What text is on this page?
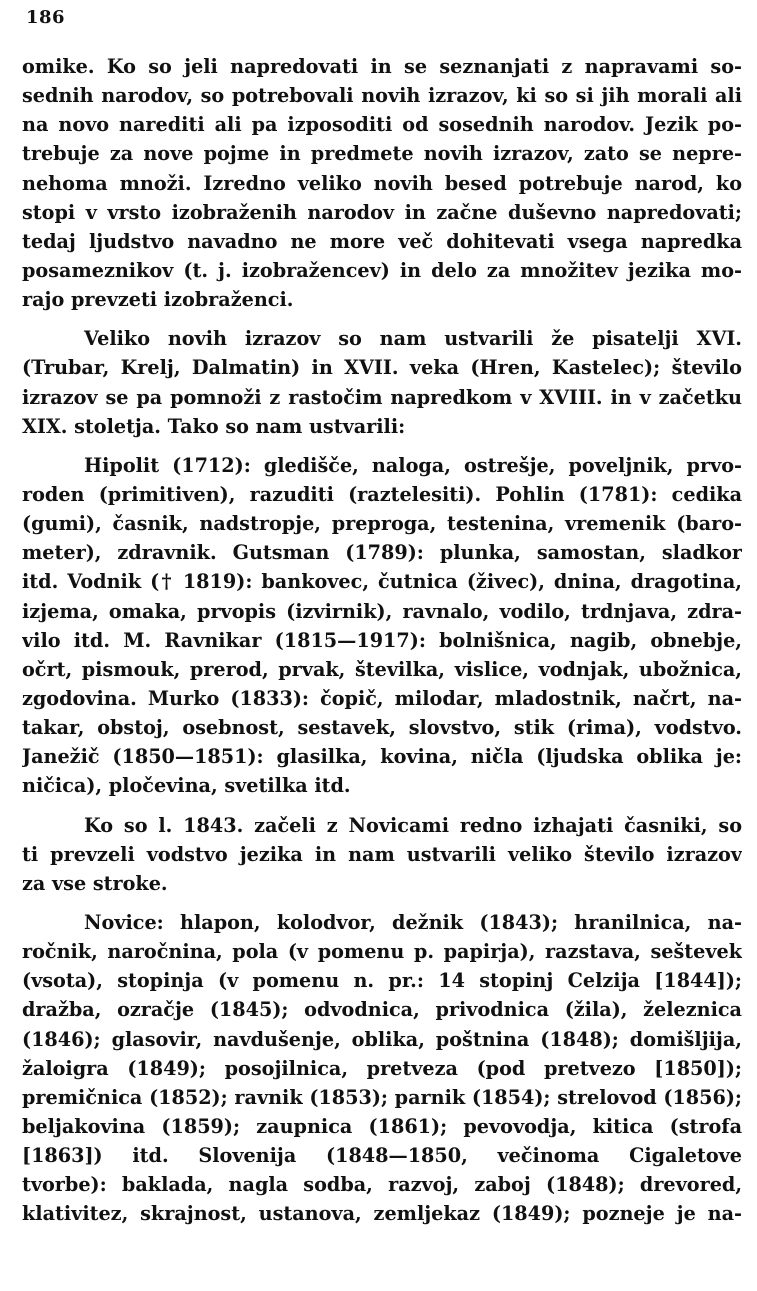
186
omike. Ko so jeli napredovati in se seznanjati z napravami so-
sednih narodov, so potrebovali novih izrazov, ki so si jih morali ali
na novo narediti ali pa izposoditi od sosednih narodov. Jezik po-
trebuje za nove pojme in predmete novih izrazov, zato se nepre-
nehoma množi. Izredno veliko novih besed potrebuje narod, ko
stopi v vrsto izobraženih narodov in začne duševno napredovati;
tedaj ljudstvo navadno ne more več dohitevati vsega napredka
posameznikov (t. j. izobražencev) in delo za množitev jezika mo-
rajo prevzeti izobraženci.
Veliko novih izrazov so nam ustvarili že pisatelji XVI.
(Trubar, Krelj, Dalmatin) in XVII. veka (Hren, Kastelec); število
izrazov se pa pomnoži z rastočim napredkom v XVIII. in v začetku
XIX. stoletja. Tako so nam ustvarili:
Hipolit (1712): gledišče, naloga, ostrešje, poveljnik, prvo-
roden (primitiven), razuditi (raztelesiti). Pohlin (1781): cedika
(gumi), časnik, nadstropje, preproga, testenina, vremenik (baro-
meter), zdravnik. Gutsman (1789): plunka, samostan, sladkor
itd. Vodnik († 1819): bankovec, čutnica (živec), dnina, dragotina,
izjema, omaka, prvopis (izvirnik), ravnalo, vodilo, trdnjava, zdra-
vilo itd. M. Ravnikar (1815—1917): bolnišnica, nagib, obnebje,
očrt, pismouk, prerod, prvak, številka, vislice, vodnjak, ubožnica,
zgodovina. Murko (1833): čopič, milodar, mladostnik, načrt, na-
takar, obstoj, osebnost, sestavek, slovstvo, stik (rima), vodstvo.
Janežič (1850—1851): glasilka, kovina, ničla (ljudska oblika je:
ničica), pločevina, svetilka itd.
Ko so l. 1843. začeli z Novicami redno izhajati časniki, so
ti prevzeli vodstvo jezika in nam ustvarili veliko število izrazov
za vse stroke.
Novice: hlapon, kolodvor, dežnik (1843); hranilnica, na-
ročnik, naročnina, pola (v pomenu p. papirja), razstava, seštevek
(vsota), stopinja (v pomenu n. pr.: 14 stopinj Celzija [1844]);
dražba, ozračje (1845); odvodnica, privodnica (žila), železnica
(1846); glasovir, navdušenje, oblika, poštnina (1848); domišljija,
žaloigra (1849); posojilnica, pretveza (pod pretvezo [1850]);
premičnica (1852); ravnik (1853); parnik (1854); strelovod (1856);
beljakovina (1859); zaupnica (1861); pevovodja, kitica (strofa
[1863]) itd. Slovenija (1848—1850, večinoma Cigaletove
tvorbe): baklada, nagla sodba, razvoj, zaboj (1848); drevored,
klativitez, skrajnost, ustanova, zemljekaz (1849); pozneje je na-
